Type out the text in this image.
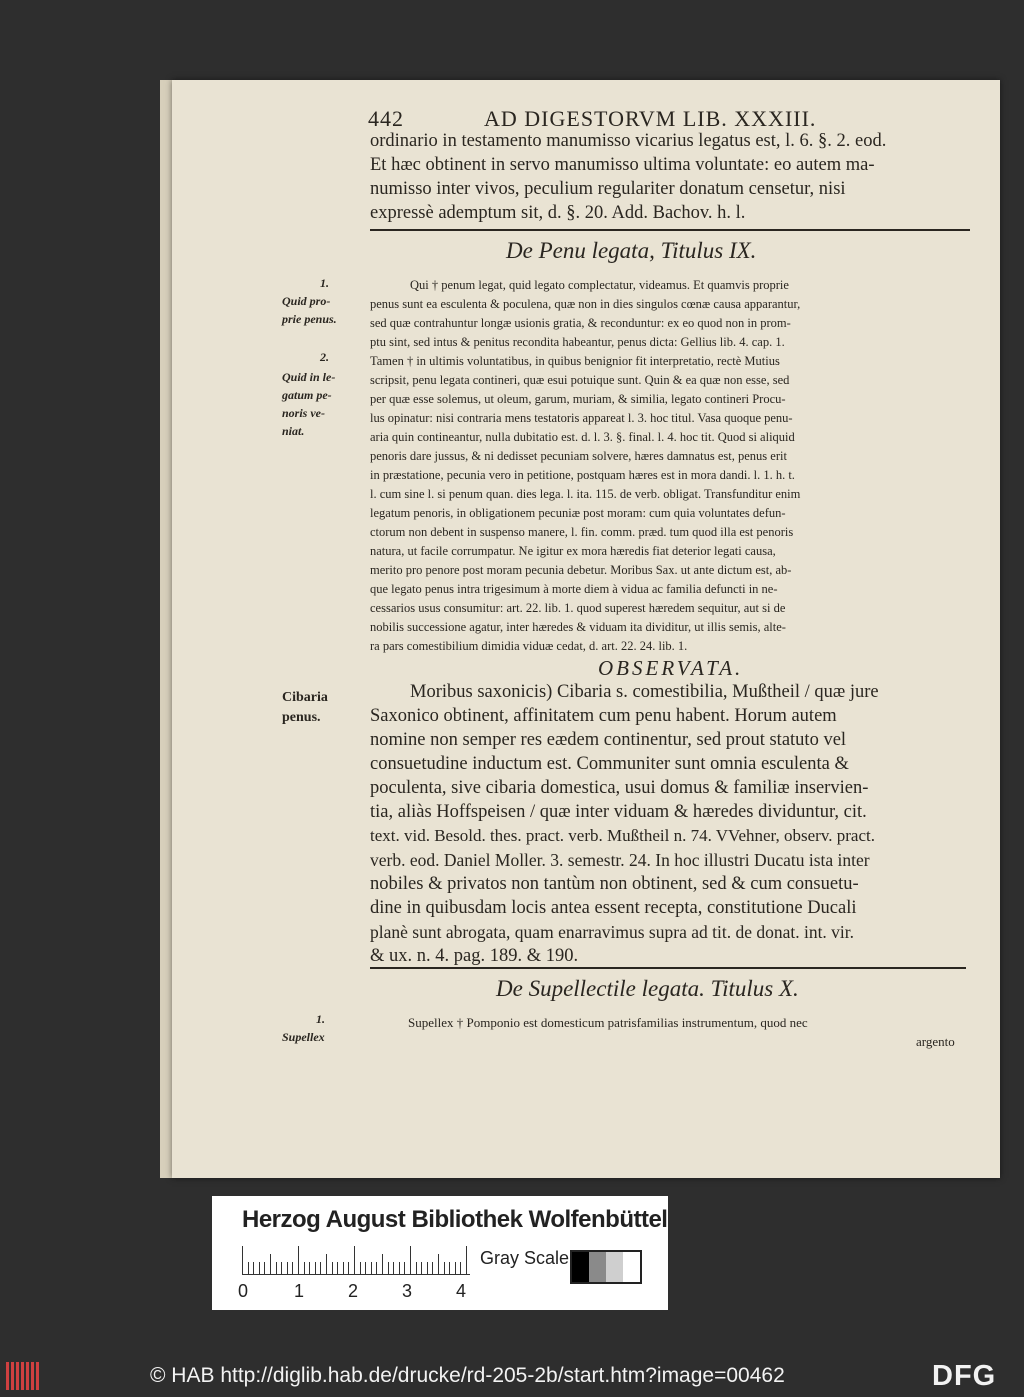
442	AD DIGESTORVM LIB. XXXIII.
ordinario in testamento manumisso vicarius legatus est, l. 6. §. 2. eod.
Et hæc obtinent in servo manumisso ultima voluntate: eo autem ma-
numisso inter vivos, peculium regulariter donatum censetur, nisi
expressè ademptum sit, d. §. 20. Add. Bachov. h. l.
De Penu legata, Titulus IX.
1.
Quid pro-
prie penus.
2.
Quid in le-
gatum pe-
noris ve-
niat.
Qui † penum legat, quid legato complectatur, videamus. Et quamvis proprie
penus sunt ea esculenta & poculena, quæ non in dies singulos cœnæ causa apparantur,
sed quæ contrahuntur longæ usionis gratia, & reconduntur: ex eo quod non in prom-
ptu sint, sed intus & penitus recondita habeantur, penus dicta: Gellius lib. 4. cap. 1.
Tamen † in ultimis voluntatibus, in quibus benignior fit interpretatio, rectè Mutius
scripsit, penu legata contineri, quæ esui potuique sunt. Quin & ea quæ non esse, sed
per quæ esse solemus, ut oleum, garum, muriam, & similia, legato contineri Procu-
lus opinatur: nisi contraria mens testatoris appareat l. 3. hoc titul. Vasa quoque penu-
aria quin contineantur, nulla dubitatio est. d. l. 3. §. final. l. 4. hoc tit. Quod si aliquid
penoris dare jussus, & ni dedisset pecuniam solvere, hæres damnatus est, penus erit
in præstatione, pecunia vero in petitione, postquam hæres est in mora dandi. l. 1. h. t.
l. cum sine l. si penum quan. dies lega. l. ita. 115. de verb. obligat. Transfunditur enim
legatum penoris, in obligationem pecuniæ post moram: cum quia voluntates defun-
ctorum non debent in suspenso manere, l. fin. comm. præd. tum quod illa est penoris
natura, ut facile corrumpatur. Ne igitur ex mora hæredis fiat deterior legati causa,
merito pro penore post moram pecunia debetur. Moribus Sax. ut ante dictum est, ab-
que legato penus intra trigesimum à morte diem à vidua ac familia defuncti in ne-
cessarios usus consumitur: art. 22. lib. 1. quod superest hæredem sequitur, aut si de
nobilis successione agatur, inter hæredes & viduam ita dividitur, ut illis semis, alte-
ra pars comestibilium dimidia viduæ cedat, d. art. 22. 24. lib. 1.
OBSERVATA.
Cibaria
penus.
Moribus saxonicis) Cibaria s. comestibilia, Mußtheil / quæ jure
Saxonico obtinent, affinitatem cum penu habent. Horum autem
nomine non semper res eædem continentur, sed prout statuto vel
consuetudine inductum est. Communiter sunt omnia esculenta &
poculenta, sive cibaria domestica, usui domus & familiæ inservien-
tia, aliàs Hoffspeisen / quæ inter viduam & hæredes dividuntur, cit.
text. vid. Besold. thes. pract. verb. Mußtheil n. 74. VVehner, observ. pract.
verb. eod. Daniel Moller. 3. semestr. 24. In hoc illustri Ducatu ista inter
nobiles & privatos non tantùm non obtinent, sed & cum consuetu-
dine in quibusdam locis antea essent recepta, constitutione Ducali
planè sunt abrogata, quam enarravimus supra ad tit. de donat. int. vir.
& ux. n. 4. pag. 189. & 190.
De Supellectile legata. Titulus X.
1.
Supellex
Supellex † Pomponio est domesticum patrisfamilias instrumentum, quod nec
argento
Herzog August Bibliothek Wolfenbüttel
0	1 2 3 4
Gray Scale
© HAB http://diglib.hab.de/drucke/rd-205-2b/start.htm?image=00462	DFG
